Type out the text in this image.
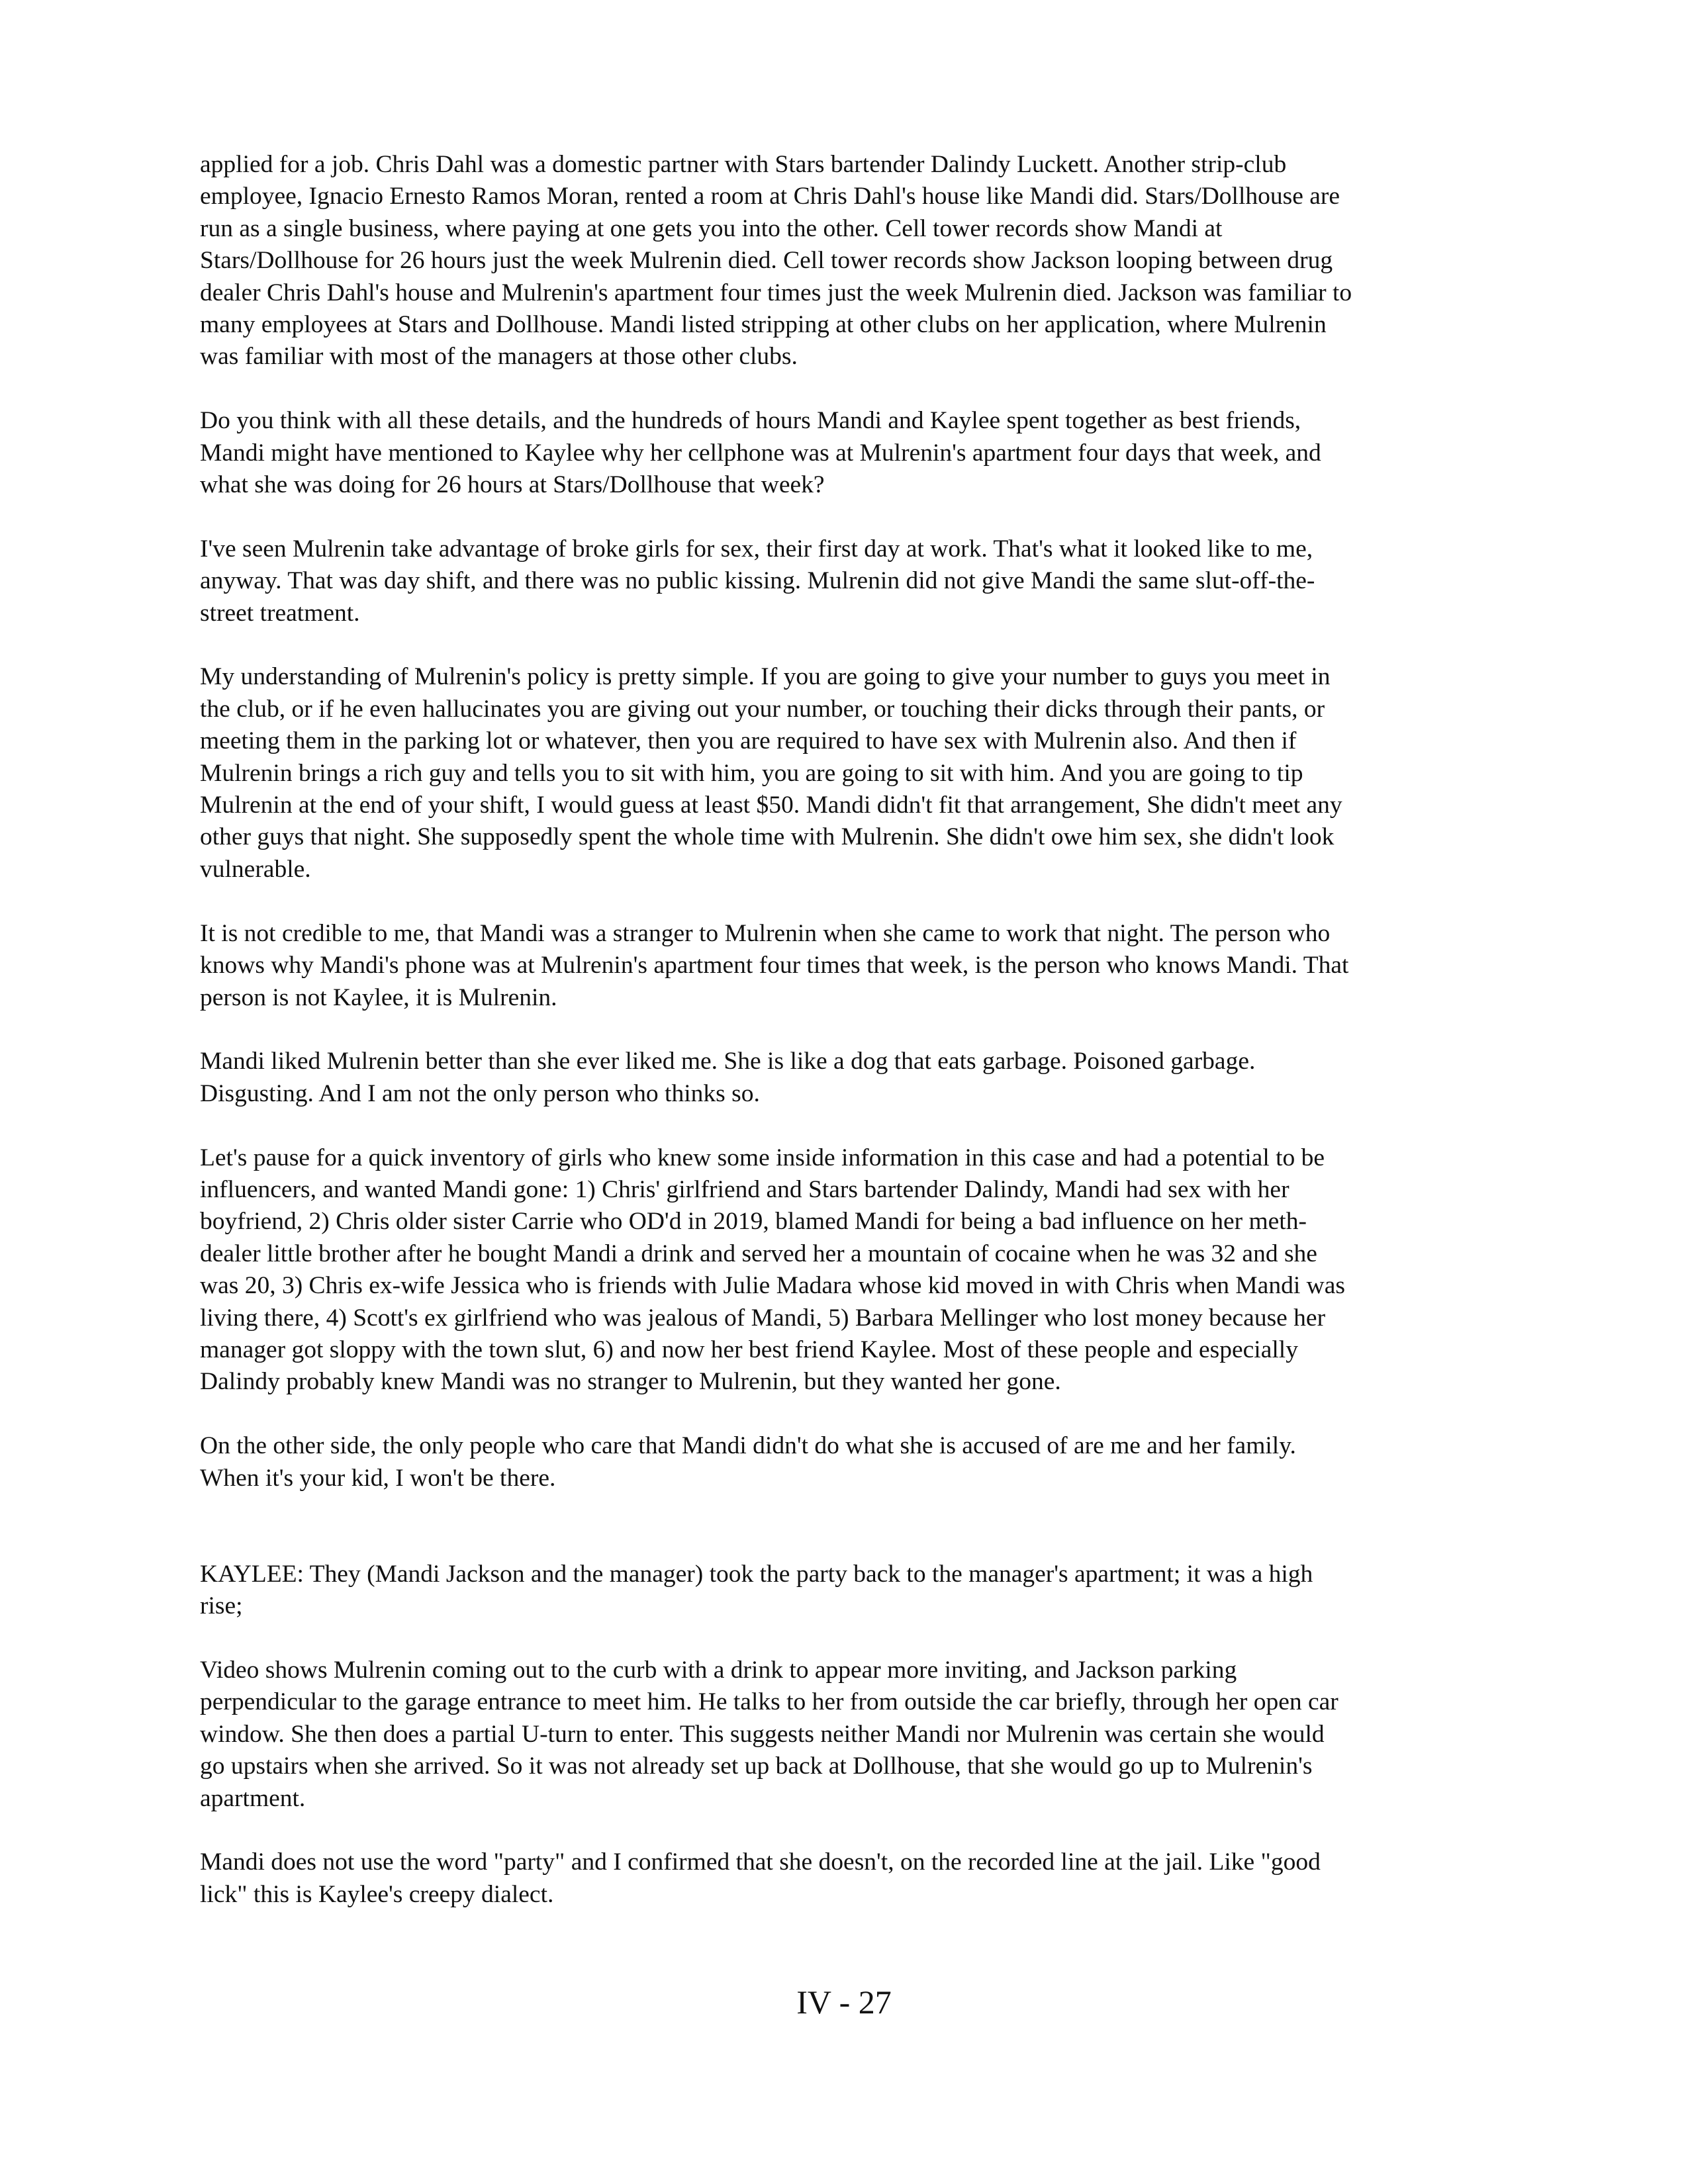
applied for a job. Chris Dahl was a domestic partner with Stars bartender Dalindy Luckett. Another strip-club
employee, Ignacio Ernesto Ramos Moran, rented a room at Chris Dahl's house like Mandi did. Stars/Dollhouse are
run as a single business, where paying at one gets you into the other. Cell tower records show Mandi at
Stars/Dollhouse for 26 hours just the week Mulrenin died. Cell tower records show Jackson looping between drug
dealer Chris Dahl's house and Mulrenin's apartment four times just the week Mulrenin died. Jackson was familiar to
many employees at Stars and Dollhouse. Mandi listed stripping at other clubs on her application, where Mulrenin
was familiar with most of the managers at those other clubs.

Do you think with all these details, and the hundreds of hours Mandi and Kaylee spent together as best friends,
Mandi might have mentioned to Kaylee why her cellphone was at Mulrenin's apartment four days that week, and
what she was doing for 26 hours at Stars/Dollhouse that week?

I've seen Mulrenin take advantage of broke girls for sex, their first day at work. That's what it looked like to me,
anyway. That was day shift, and there was no public kissing. Mulrenin did not give Mandi the same slut-off-the-
street treatment.

My understanding of Mulrenin's policy is pretty simple. If you are going to give your number to guys you meet in
the club, or if he even hallucinates you are giving out your number, or touching their dicks through their pants, or
meeting them in the parking lot or whatever, then you are required to have sex with Mulrenin also. And then if
Mulrenin brings a rich guy and tells you to sit with him, you are going to sit with him. And you are going to tip
Mulrenin at the end of your shift, I would guess at least $50. Mandi didn't fit that arrangement, She didn't meet any
other guys that night. She supposedly spent the whole time with Mulrenin. She didn't owe him sex, she didn't look
vulnerable.

It is not credible to me, that Mandi was a stranger to Mulrenin when she came to work that night. The person who
knows why Mandi's phone was at Mulrenin's apartment four times that week, is the person who knows Mandi. That
person is not Kaylee, it is Mulrenin.

Mandi liked Mulrenin better than she ever liked me. She is like a dog that eats garbage. Poisoned garbage.
Disgusting. And I am not the only person who thinks so.

Let's pause for a quick inventory of girls who knew some inside information in this case and had a potential to be
influencers, and wanted Mandi gone: 1) Chris' girlfriend and Stars bartender Dalindy, Mandi had sex with her
boyfriend, 2) Chris older sister Carrie who OD'd in 2019, blamed Mandi for being a bad influence on her meth-
dealer little brother after he bought Mandi a drink and served her a mountain of cocaine when he was 32 and she
was 20, 3) Chris ex-wife Jessica who is friends with Julie Madara whose kid moved in with Chris when Mandi was
living there, 4) Scott's ex girlfriend who was jealous of Mandi, 5) Barbara Mellinger who lost money because her
manager got sloppy with the town slut, 6) and now her best friend Kaylee. Most of these people and especially
Dalindy probably knew Mandi was no stranger to Mulrenin, but they wanted her gone.

On the other side, the only people who care that Mandi didn't do what she is accused of are me and her family.
When it's your kid, I won't be there.

KAYLEE: They (Mandi Jackson and the manager) took the party back to the manager's apartment; it was a high
rise;

Video shows Mulrenin coming out to the curb with a drink to appear more inviting, and Jackson parking
perpendicular to the garage entrance to meet him. He talks to her from outside the car briefly, through her open car
window. She then does a partial U-turn to enter. This suggests neither Mandi nor Mulrenin was certain she would
go upstairs when she arrived. So it was not already set up back at Dollhouse, that she would go up to Mulrenin's
apartment.

Mandi does not use the word "party" and I confirmed that she doesn't, on the recorded line at the jail. Like "good
lick" this is Kaylee's creepy dialect.

IV - 27
